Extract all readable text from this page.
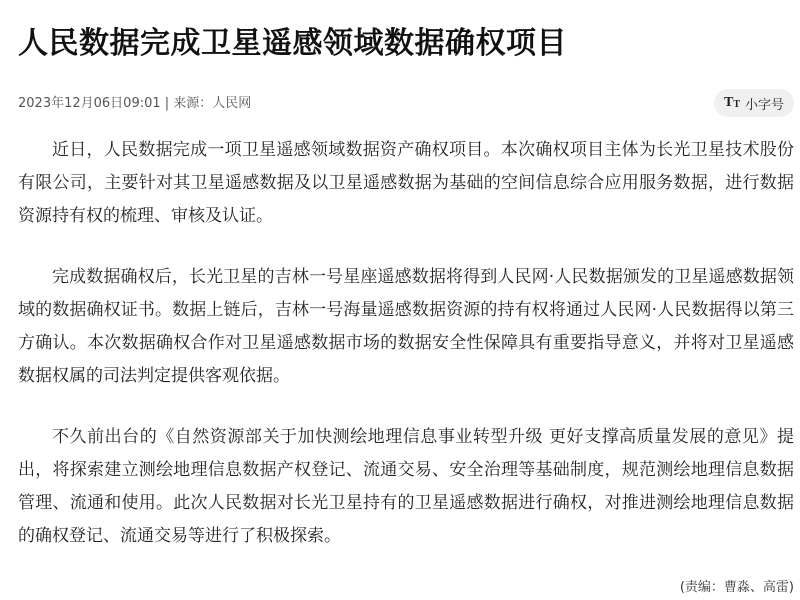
人民数据完成卫星遥感领域数据确权项目
2023年12月06日09:01 | 来源：人民网	T T 小字号

近日，人民数据完成一项卫星遥感领域数据资产确权项目。本次确权项目主体为长光卫星技术股份有限公司，主要针对其卫星遥感数据及以卫星遥感数据为基础的空间信息综合应用服务数据，进行数据资源持有权的梳理、审核及认证。

完成数据确权后，长光卫星的吉林一号星座遥感数据将得到人民网·人民数据颁发的卫星遥感数据领域的数据确权证书。数据上链后，吉林一号海量遥感数据资源的持有权将通过人民网·人民数据得以第三方确认。本次数据确权合作对卫星遥感数据市场的数据安全性保障具有重要指导意义，并将对卫星遥感数据权属的司法判定提供客观依据。

不久前出台的《自然资源部关于加快测绘地理信息事业转型升级 更好支撑高质量发展的意见》提出，将探索建立测绘地理信息数据产权登记、流通交易、安全治理等基础制度，规范测绘地理信息数据管理、流通和使用。此次人民数据对长光卫星持有的卫星遥感数据进行确权，对推进测绘地理信息数据的确权登记、流通交易等进行了积极探索。

(责编：曹淼、高雷)
